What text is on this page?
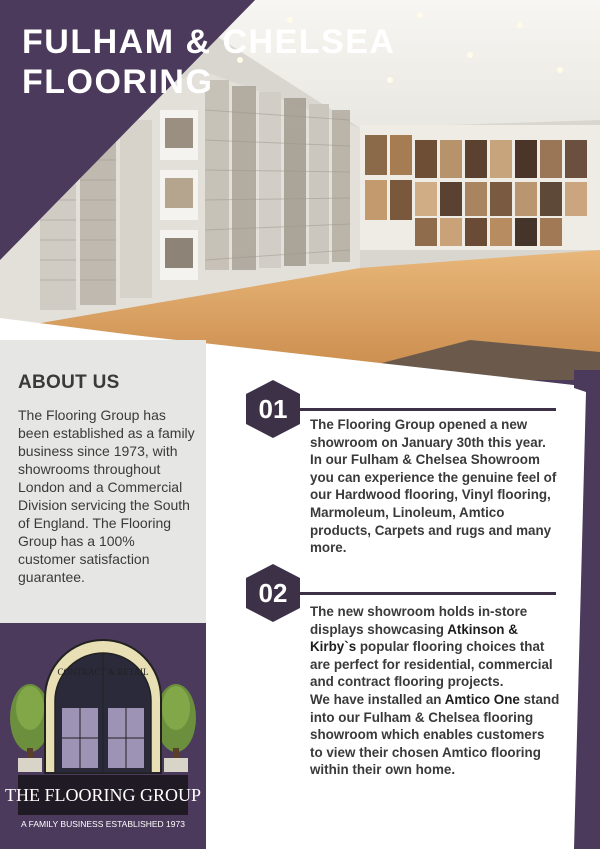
FULHAM & CHELSEA
FLOORING
ABOUT US

The Flooring Group has been established as a family business since 1973, with showrooms throughout London and a Commercial Division servicing the South of England. The Flooring Group has a 100% customer satisfaction guarantee.

CONTRACT & RETAIL
THE FLOORING GROUP
A FAMILY BUSINESS ESTABLISHED 1973
01

The Flooring Group opened a new showroom on January 30th this year. In our Fulham & Chelsea Showroom you can experience the genuine feel of our Hardwood flooring, Vinyl flooring, Marmoleum, Linoleum, Amtico products, Carpets and rugs and many more.

02

The new showroom holds in-store displays showcasing Atkinson & Kirby`s popular flooring choices that are perfect for residential, commercial and contract flooring projects.
We have installed an Amtico One stand into our Fulham & Chelsea flooring showroom which enables customers to view their chosen Amtico flooring within their own home.
